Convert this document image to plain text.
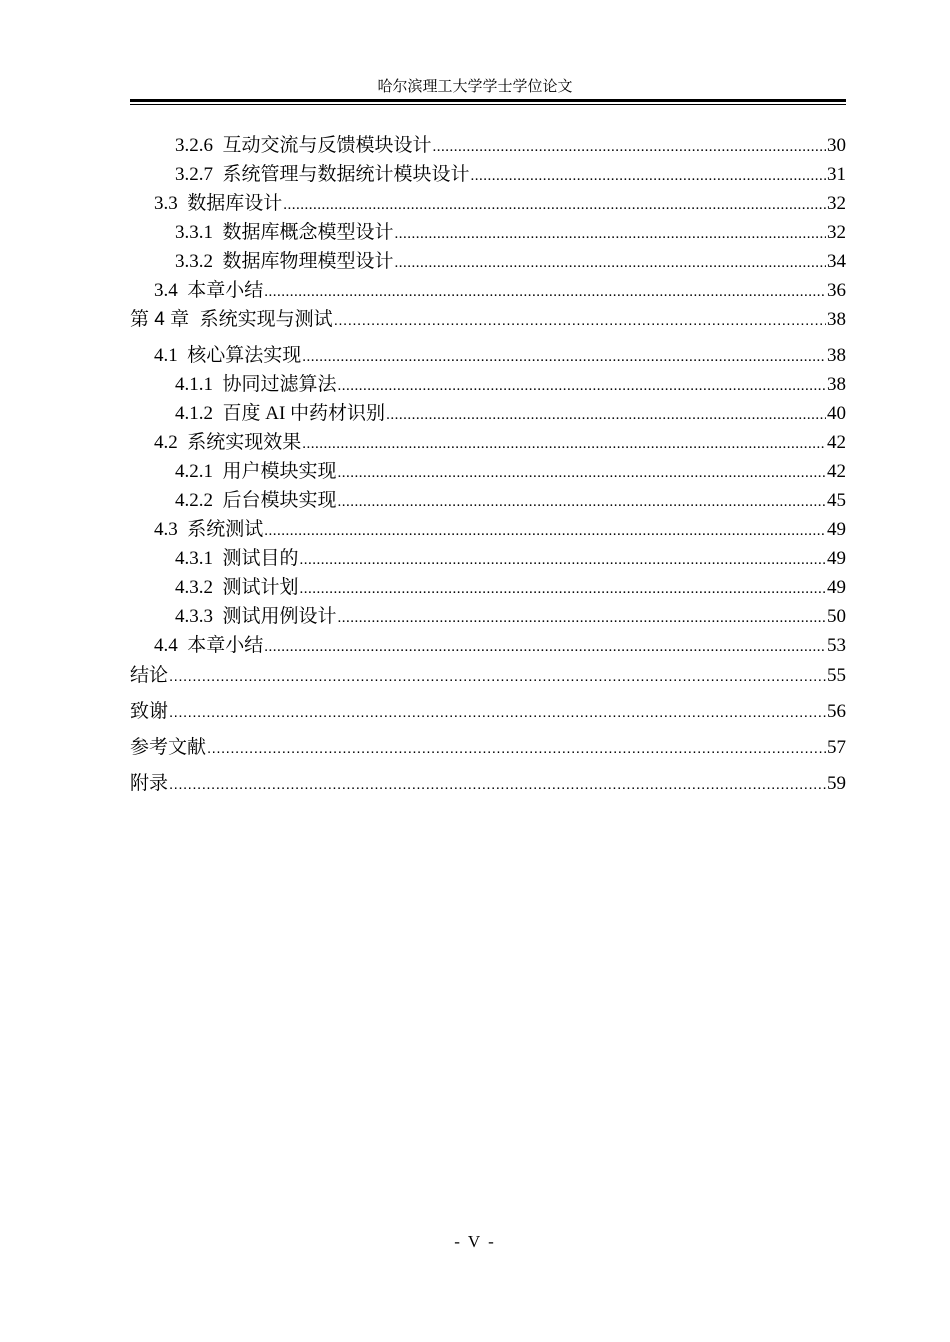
哈尔滨理工大学学士学位论文
3.2.6  互动交流与反馈模块设计 .....	30
3.2.7  系统管理与数据统计模块设计 .....	31
3.3  数据库设计 .....	32
3.3.1  数据库概念模型设计 .....	32
3.3.2  数据库物理模型设计 .....	34
3.4  本章小结 .....	36
第 4 章  系统实现与测试 .....	38
4.1  核心算法实现 .....	38
4.1.1  协同过滤算法 .....	38
4.1.2  百度 AI 中药材识别 .....	40
4.2  系统实现效果 .....	42
4.2.1  用户模块实现 .....	42
4.2.2  后台模块实现 .....	45
4.3  系统测试 .....	49
4.3.1  测试目的 .....	49
4.3.2  测试计划 .....	49
4.3.3  测试用例设计 .....	50
4.4  本章小结 .....	53
结论 .....	55
致谢 .....	56
参考文献 .....	57
附录 .....	59
- V -
